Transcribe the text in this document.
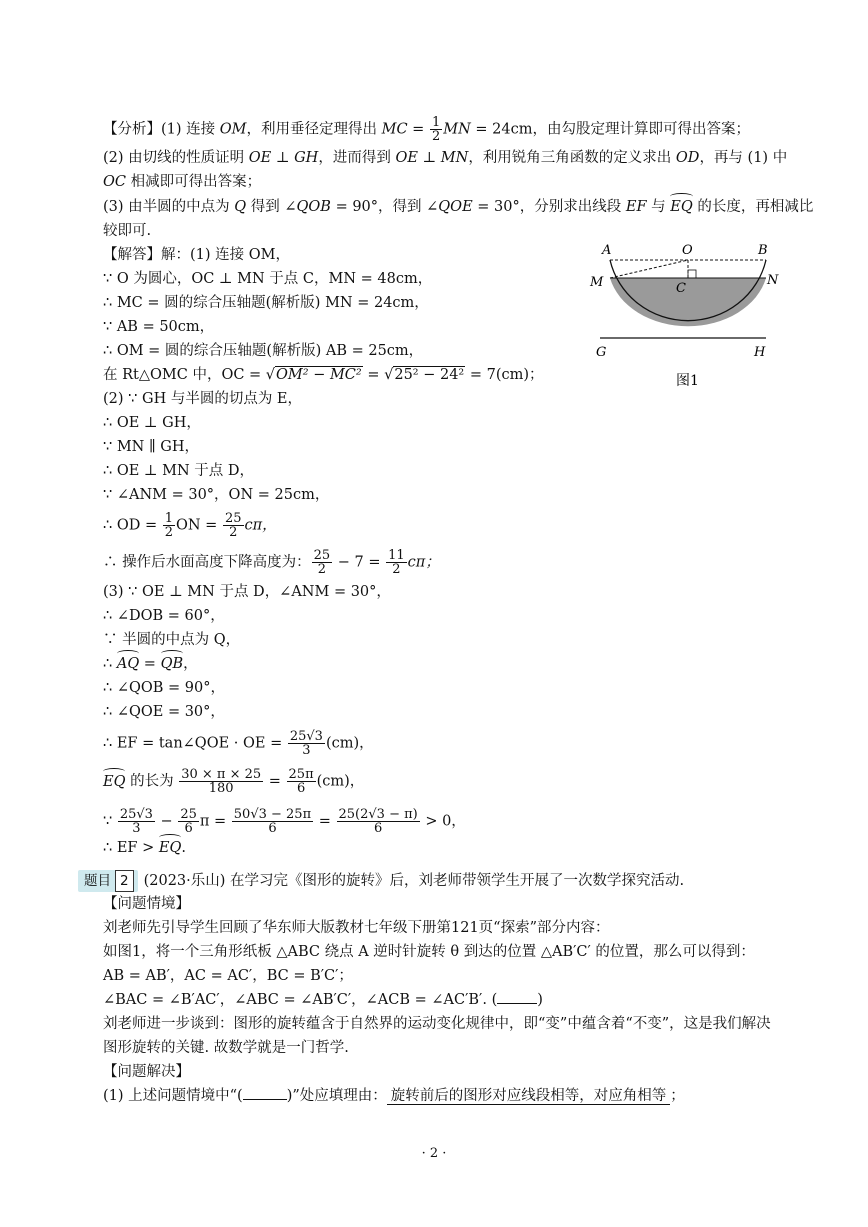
【分析】(1) 连接 OM，利用垂径定理得出 MC = $\frac{1}{2}$ MN = 24cm，由勾股定理计算即可得出答案；
(2) 由切线的性质证明 OE ⊥ GH，进而得到 OE ⊥ MN，利用锐角三角函数的定义求出 OD，再与 (1) 中
OC 相减即可得出答案；
(3) 由半圆的中点为 Q 得到 ∠QOB = 90°，得到 ∠QOE = 30°，分别求出线段 EF 与 EQ 的长度，再相减比
较即可.
【解答】解：(1) 连接 OM，
∵ O 为圆心，OC ⊥ MN 于点 C，MN = 48cm，
∴ MC = 圆的综合压轴题(解析版) MN = 24cm，
∵ AB = 50cm，
∴ OM = 圆的综合压轴题(解析版) AB = 25cm，
在 Rt△OMC 中，OC = √OM² − MC² = √25² − 24² = 7(cm)；
(2) ∵ GH 与半圆的切点为 E，
∴ OE ⊥ GH，
∵ MN ∥ GH，
∴ OE ⊥ MN 于点 D，
∵ ∠ANM = 30°，ON = 25cm，
∴ OD = $\frac{1}{2}$ ON = $\frac{25}{2}$ cπ，
∴ 操作后水面高度下降高度为： $\frac{25}{2} - 7 = \frac{11}{2}$ cπ；
(3) ∵ OE ⊥ MN 于点 D，∠ANM = 30°，
∴ ∠DOB = 60°，
∵ 半圆的中点为 Q，
∴ AQ = QB，
∴ ∠QOB = 90°，
∴ ∠QOE = 30°，
∴ EF = tan∠QOE · OE = $\frac{25√3}{3} (cm)$，
EQ 的长为 $\frac{30 \times \pi \times 25}{180} = \frac{25\pi}{6} (cm)$，
∵ $\frac{25√3}{3} - \frac{25}{6}$ $\pi = \frac{50√3 - 25\pi}{6} = \frac{25(2√3 - \pi)}{6} > 0$，
∴ EF > EQ.
A	O	B
M	N
C
G	H
图1
题目 2 (2023·乐山) 在学习完《图形的旋转》后，刘老师带领学生开展了一次数学探究活动.
【问题情境】
刘老师先引导学生回顾了华东师大版教材七年级下册第121页“探索”部分内容：
如图1，将一个三角形纸板 △ABC 绕点 A 逆时针旋转 θ 到达的位置 △AB′C′ 的位置，那么可以得到：
AB = AB′，AC = AC′，BC = B′C′；
∠BAC = ∠B′AC′，∠ABC = ∠AB′C′，∠ACB = ∠AC′B′. (	)
刘老师进一步谈到：图形的旋转蕴含于自然界的运动变化规律中，即“变”中蕴含着“不变”，这是我们解决
图形旋转的关键. 故数学就是一门哲学.
【问题解决】
(1) 上述问题情境中“(	)”处应填理由： 旋转前后的图形对应线段相等，对应角相等 ；
· 2 ·
